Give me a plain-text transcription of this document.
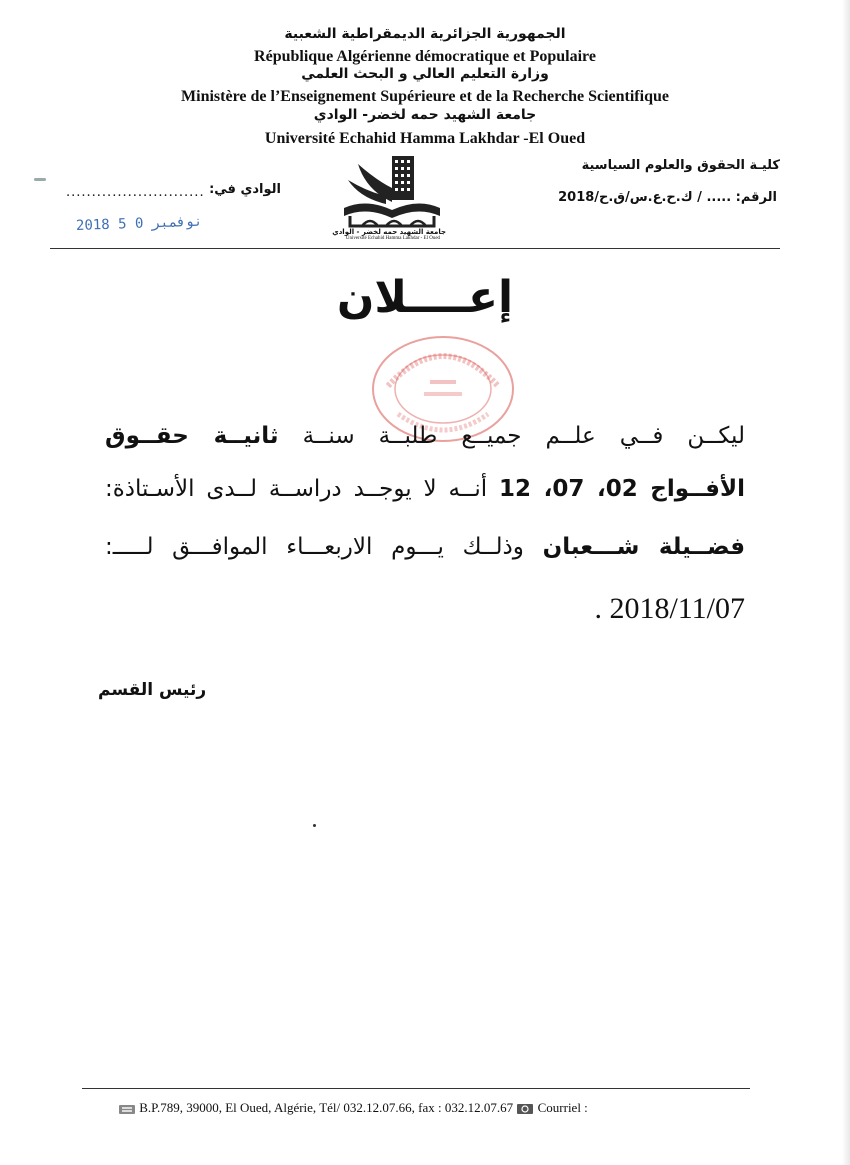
الجمهورية الجزائرية الديمقراطية الشعبية
République Algérienne démocratique et Populaire
وزارة التعليم العالي و البحث العلمي
Ministère de l’Enseignement Supérieure et de la Recherche Scientifique
جامعة الشهيد حمه لخضر- الوادي
Université Echahid Hamma Lakhdar -El Oued
كليـة الحقوق والعلوم السياسية
الرقم: ..... / ك.ح.ع.س/ق.ح/2018
الوادي في:
...........................
2018 نوفمبر 0 5
جامعة الشهيد حمه لخضر - الوادي
Université Echahid Hamma Lakhdar - El Oued
إعــــلان
ليكــن فــي علــم جميــع طلبــة سنــة ثانيــة حقــوق
الأفــواج 02، 07، 12 أنــه لا يوجــد دراســة لــدى الأسـتاذة:
فضــيلة شـــعبان وذلــك يـــوم الاربعـــاء الموافـــق لـــــ:
. 2018/11/07
رئيس القسم
B.P.789, 39000, El Oued, Algérie, Tél/ 032.12.07.66, fax : 032.12.07.67 Courriel :
